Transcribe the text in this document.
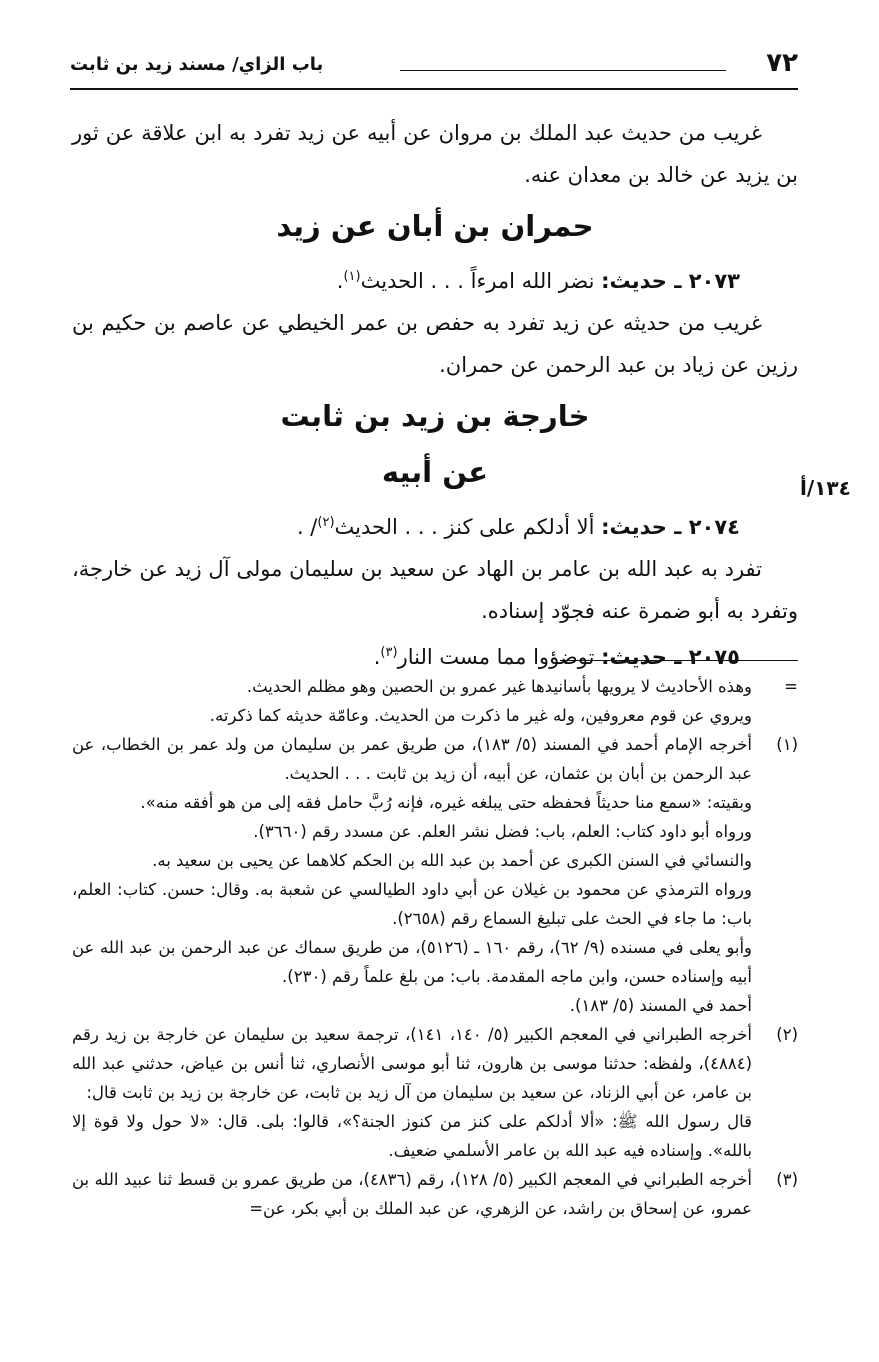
٧٢
باب الزاي/ مسند زيد بن ثابت
١٣٤/أ

غريب من حديث عبد الملك بن مروان عن أبيه عن زيد تفرد به ابن علاقة عن ثور بن يزيد عن خالد بن معدان عنه.

حمران بن أبان عن زيد

٢٠٧٣ ـ حديث: نضر الله امرءاً . . . الحديث$^{(١)}$.

غريب من حديثه عن زيد تفرد به حفص بن عمر الخيطي عن عاصم بن حكيم بن رزين عن زياد بن عبد الرحمن عن حمران.

خارجة بن زيد بن ثابت
عن أبيه

٢٠٧٤ ـ حديث: ألا أدلكم على كنز . . . الحديث$^{(٢)}$/ .

تفرد به عبد الله بن عامر بن الهاد عن سعيد بن سليمان مولى آل زيد عن خارجة، وتفرد به أبو ضمرة عنه فجوّد إسناده.

٢٠٧٥ ـ حديث: توضؤوا مما مست النار$^{(٣)}$.

=
وهذه الأحاديث لا يرويها بأسانيدها غير عمرو بن الحصين وهو مظلم الحديث.

ويروي عن قوم معروفين، وله غير ما ذكرت من الحديث. وعامّة حديثه كما ذكرته.

(١)
أخرجه الإمام أحمد في المسند (٥/ ١٨٣)، من طريق عمر بن سليمان من ولد عمر بن الخطاب، عن عبد الرحمن بن أبان بن عثمان، عن أبيه، أن زيد بن ثابت . . . الحديث.

وبقيته: «سمع منا حديثاً فحفظه حتى يبلغه غيره، فإنه رُبَّ حامل فقه إلى من هو أفقه منه».

ورواه أبو داود كتاب: العلم، باب: فضل نشر العلم. عن مسدد رقم (٣٦٦٠).

والنسائي في السنن الكبرى عن أحمد بن عبد الله بن الحكم كلاهما عن يحيى بن سعيد به.

ورواه الترمذي عن محمود بن غيلان عن أبي داود الطيالسي عن شعبة به. وقال: حسن. كتاب: العلم، باب: ما جاء في الحث على تبليغ السماع رقم (٢٦٥٨).

وأبو يعلى في مسنده (٩/ ٦٢)، رقم ١٦٠ ـ (٥١٢٦)، من طريق سماك عن عبد الرحمن بن عبد الله عن أبيه وإسناده حسن، وابن ماجه المقدمة. باب: من بلغ علماً رقم (٢٣٠).

أحمد في المسند (٥/ ١٨٣).

(٢)
أخرجه الطبراني في المعجم الكبير (٥/ ١٤٠، ١٤١)، ترجمة سعيد بن سليمان عن خارجة بن زيد رقم (٤٨٨٤)، ولفظه: حدثنا موسى بن هارون، ثنا أبو موسى الأنصاري، ثنا أنس بن عياض، حدثني عبد الله بن عامر، عن أبي الزناد، عن سعيد بن سليمان من آل زيد بن ثابت، عن خارجة بن زيد بن ثابت قال:

قال رسول الله ﷺ: «ألا أدلكم على كنز من كنوز الجنة؟»، قالوا: بلى. قال: «لا حول ولا قوة إلا بالله». وإسناده فيه عبد الله بن عامر الأسلمي ضعيف.

(٣)
أخرجه الطبراني في المعجم الكبير (٥/ ١٢٨)، رقم (٤٨٣٦)، من طريق عمرو بن قسط ثنا عبيد الله بن عمرو، عن إسحاق بن راشد، عن الزهري، عن عبد الملك بن أبي بكر، عن=
